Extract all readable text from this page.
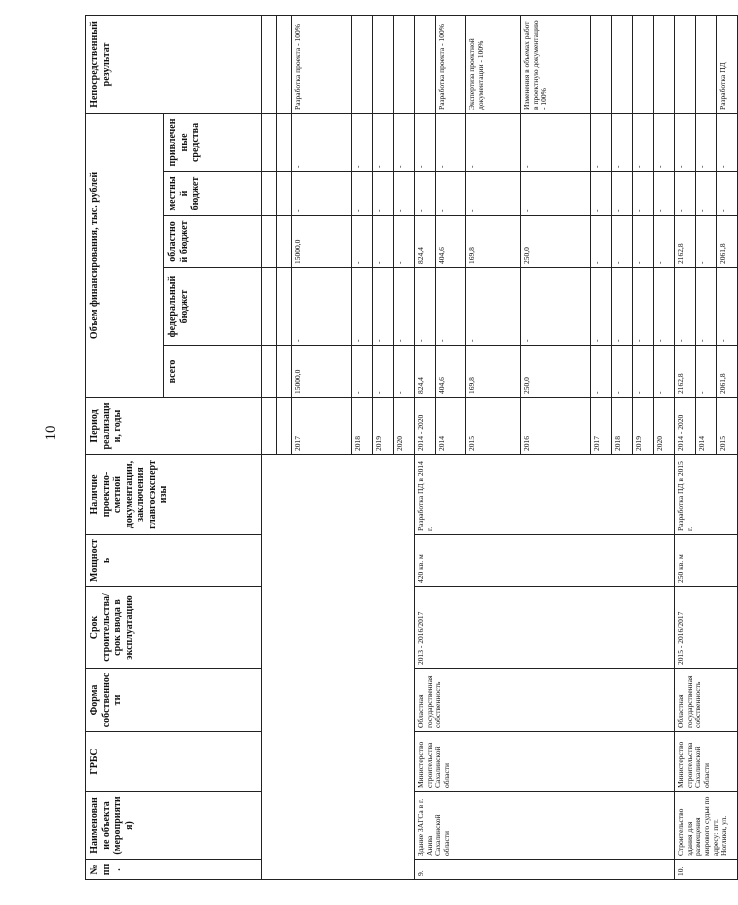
10
№ пп.	Наименование объекта (мероприятия)	ГРБС	Форма собственности	Срок строительства/срок ввода в эксплуатацию	Мощность	Наличие проектно-сметной документации, заключения главгосэкспертизы	Период реализации, годы	Объем финансирования, тыс. рублей					Непосредственный результат
								всего	федеральный бюджет	областной бюджет	местный бюджет	привлеченные средства	

							2017	15000,0	-	15000,0	-	-	Разработка проекта - 100%
							2018	-	-	-	-	-	
							2019	-	-	-	-	-	
							2020	-	-	-	-	-	
9.	Здание ЗАГСа в г. Анива Сахалинской области	Министерство строительства Сахалинской области	Областная государственная собственность	2013 - 2016/2017	420 кв. м	Разработка ПД в 2014 г.	2014 - 2020	824,4	-	824,4	-	-	
							2014	404,6	-	404,6	-	-	Разработка проекта - 100%
							2015	169,8	-	169,8	-	-	Экспертиза проектной документации - 100%
							2016	250,0	-	250,0	-	-	Изменения в объемах работ в проектную документацию - 100%
							2017	-	-	-	-	-	
							2018	-	-	-	-	-	
							2019	-	-	-	-	-	
							2020	-	-	-	-	-	
10.	Строительство здания для размещения мирового судьи по адресу: пгт. Ноглики, ул.	Министерство строительства Сахалинской области	Областная государственная собственность	2015 - 2016/2017	250 кв. м	Разработка ПД в 2015 г.	2014 - 2020	2162,8	-	2162,8	-	-	
							2014	-	-	-	-	-	
							2015	2061,8	-	2061,8	-	-	Разработка ПД
